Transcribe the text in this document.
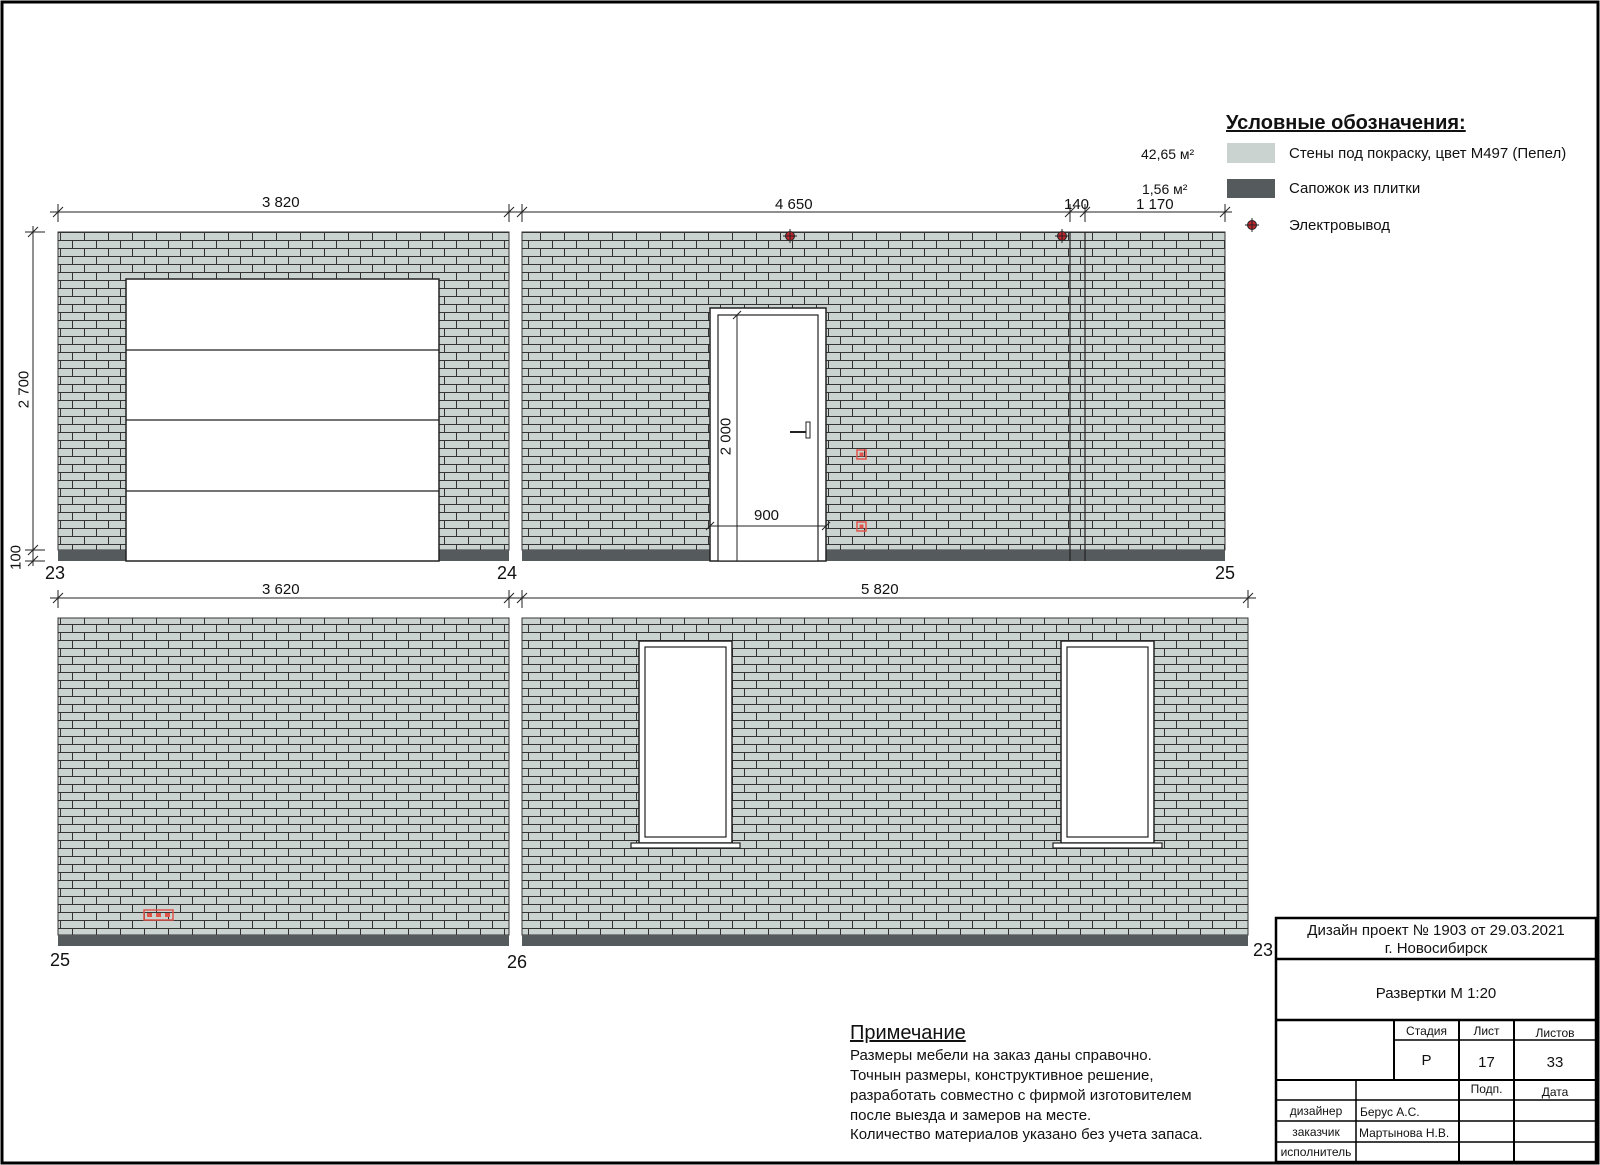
3 820	4 650	140	1 170
2 700
100
2 000
900
3 620	5 820
23	24	25
25	26
23
Условные обозначения:
42,65 м²	Стены под покраску, цвет М497 (Пепел)
1,56 м²	Сапожок из плитки
Электровывод
Примечание
Размеры мебели на заказ даны справочно.
Точнын размеры, конструктивное решение,
разработать совместно с фирмой изготовителем
после выезда и замеров на месте.
Количество материалов указано без учета запаса.
Дизайн проект № 1903 от 29.03.2021
г. Новосибирск
Развертки М 1:20
Стадия	Лист	Листов
Р	17	33
Подп.	Дата
дизайнер	Берус А.С.
заказчик	Мартынова Н.В.
исполнитель
